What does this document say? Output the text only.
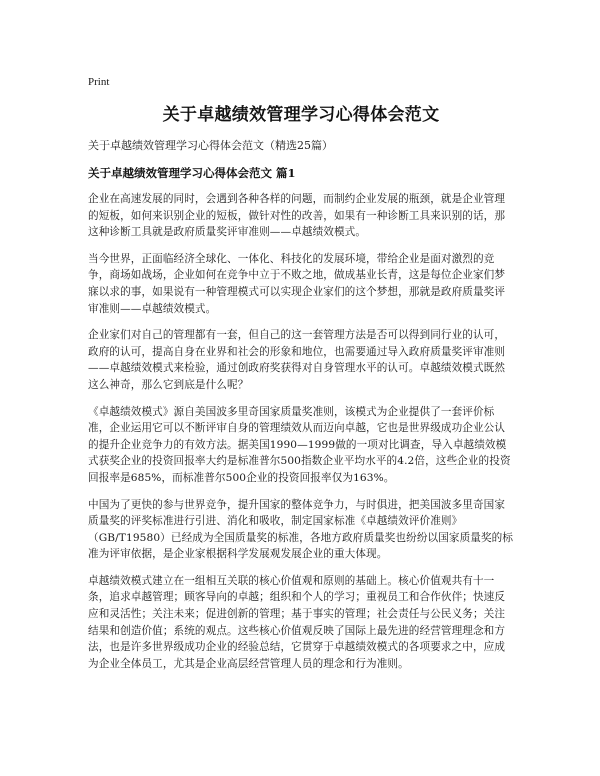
Print
关于卓越绩效管理学习心得体会范文

关于卓越绩效管理学习心得体会范文（精选25篇）

关于卓越绩效管理学习心得体会范文 篇1

企业在高速发展的同时，会遇到各种各样的问题，而制约企业发展的瓶颈，就是企业管理的短板，如何来识别企业的短板，做针对性的改善，如果有一种诊断工具来识别的话，那这种诊断工具就是政府质量奖评审准则——卓越绩效模式。

当今世界，正面临经济全球化、一体化、科技化的发展环境，带给企业是面对激烈的竞争，商场如战场，企业如何在竞争中立于不败之地，做成基业长青，这是每位企业家们梦寐以求的事，如果说有一种管理模式可以实现企业家们的这个梦想，那就是政府质量奖评审准则——卓越绩效模式。

企业家们对自己的管理都有一套，但自己的这一套管理方法是否可以得到同行业的认可，政府的认可，提高自身在业界和社会的形象和地位，也需要通过导入政府质量奖评审准则——卓越绩效模式来检验，通过创政府奖获得对自身管理水平的认可。卓越绩效模式既然这么神奇，那么它到底是什么呢？

《卓越绩效模式》源自美国波多里奇国家质量奖准则，该模式为企业提供了一套评价标准，企业运用它可以不断评审自身的管理绩效从而迈向卓越，它也是世界级成功企业公认的提升企业竞争力的有效方法。据美国1990—1999做的一项对比调查，导入卓越绩效模式获奖企业的投资回报率大约是标准普尔500指数企业平均水平的4.2倍，这些企业的投资回报率是685%，而标准普尔500企业的投资回报率仅为163%。

中国为了更快的参与世界竞争，提升国家的整体竞争力，与时俱进，把美国波多里奇国家质量奖的评奖标准进行引进、消化和吸收，制定国家标准《卓越绩效评价准则》（GB/T19580）已经成为全国质量奖的标准，各地方政府质量奖也纷纷以国家质量奖的标准为评审依据，是企业家根据科学发展观发展企业的重大体现。

卓越绩效模式建立在一组相互关联的核心价值观和原则的基础上。核心价值观共有十一条，追求卓越管理；顾客导向的卓越；组织和个人的学习；重视员工和合作伙伴；快速反应和灵活性；关注未来；促进创新的管理；基于事实的管理；社会责任与公民义务；关注结果和创造价值；系统的观点。这些核心价值观反映了国际上最先进的经营管理理念和方法，也是许多世界级成功企业的经验总结，它贯穿于卓越绩效模式的各项要求之中，应成为企业全体员工，尤其是企业高层经营管理人员的理念和行为准则。
